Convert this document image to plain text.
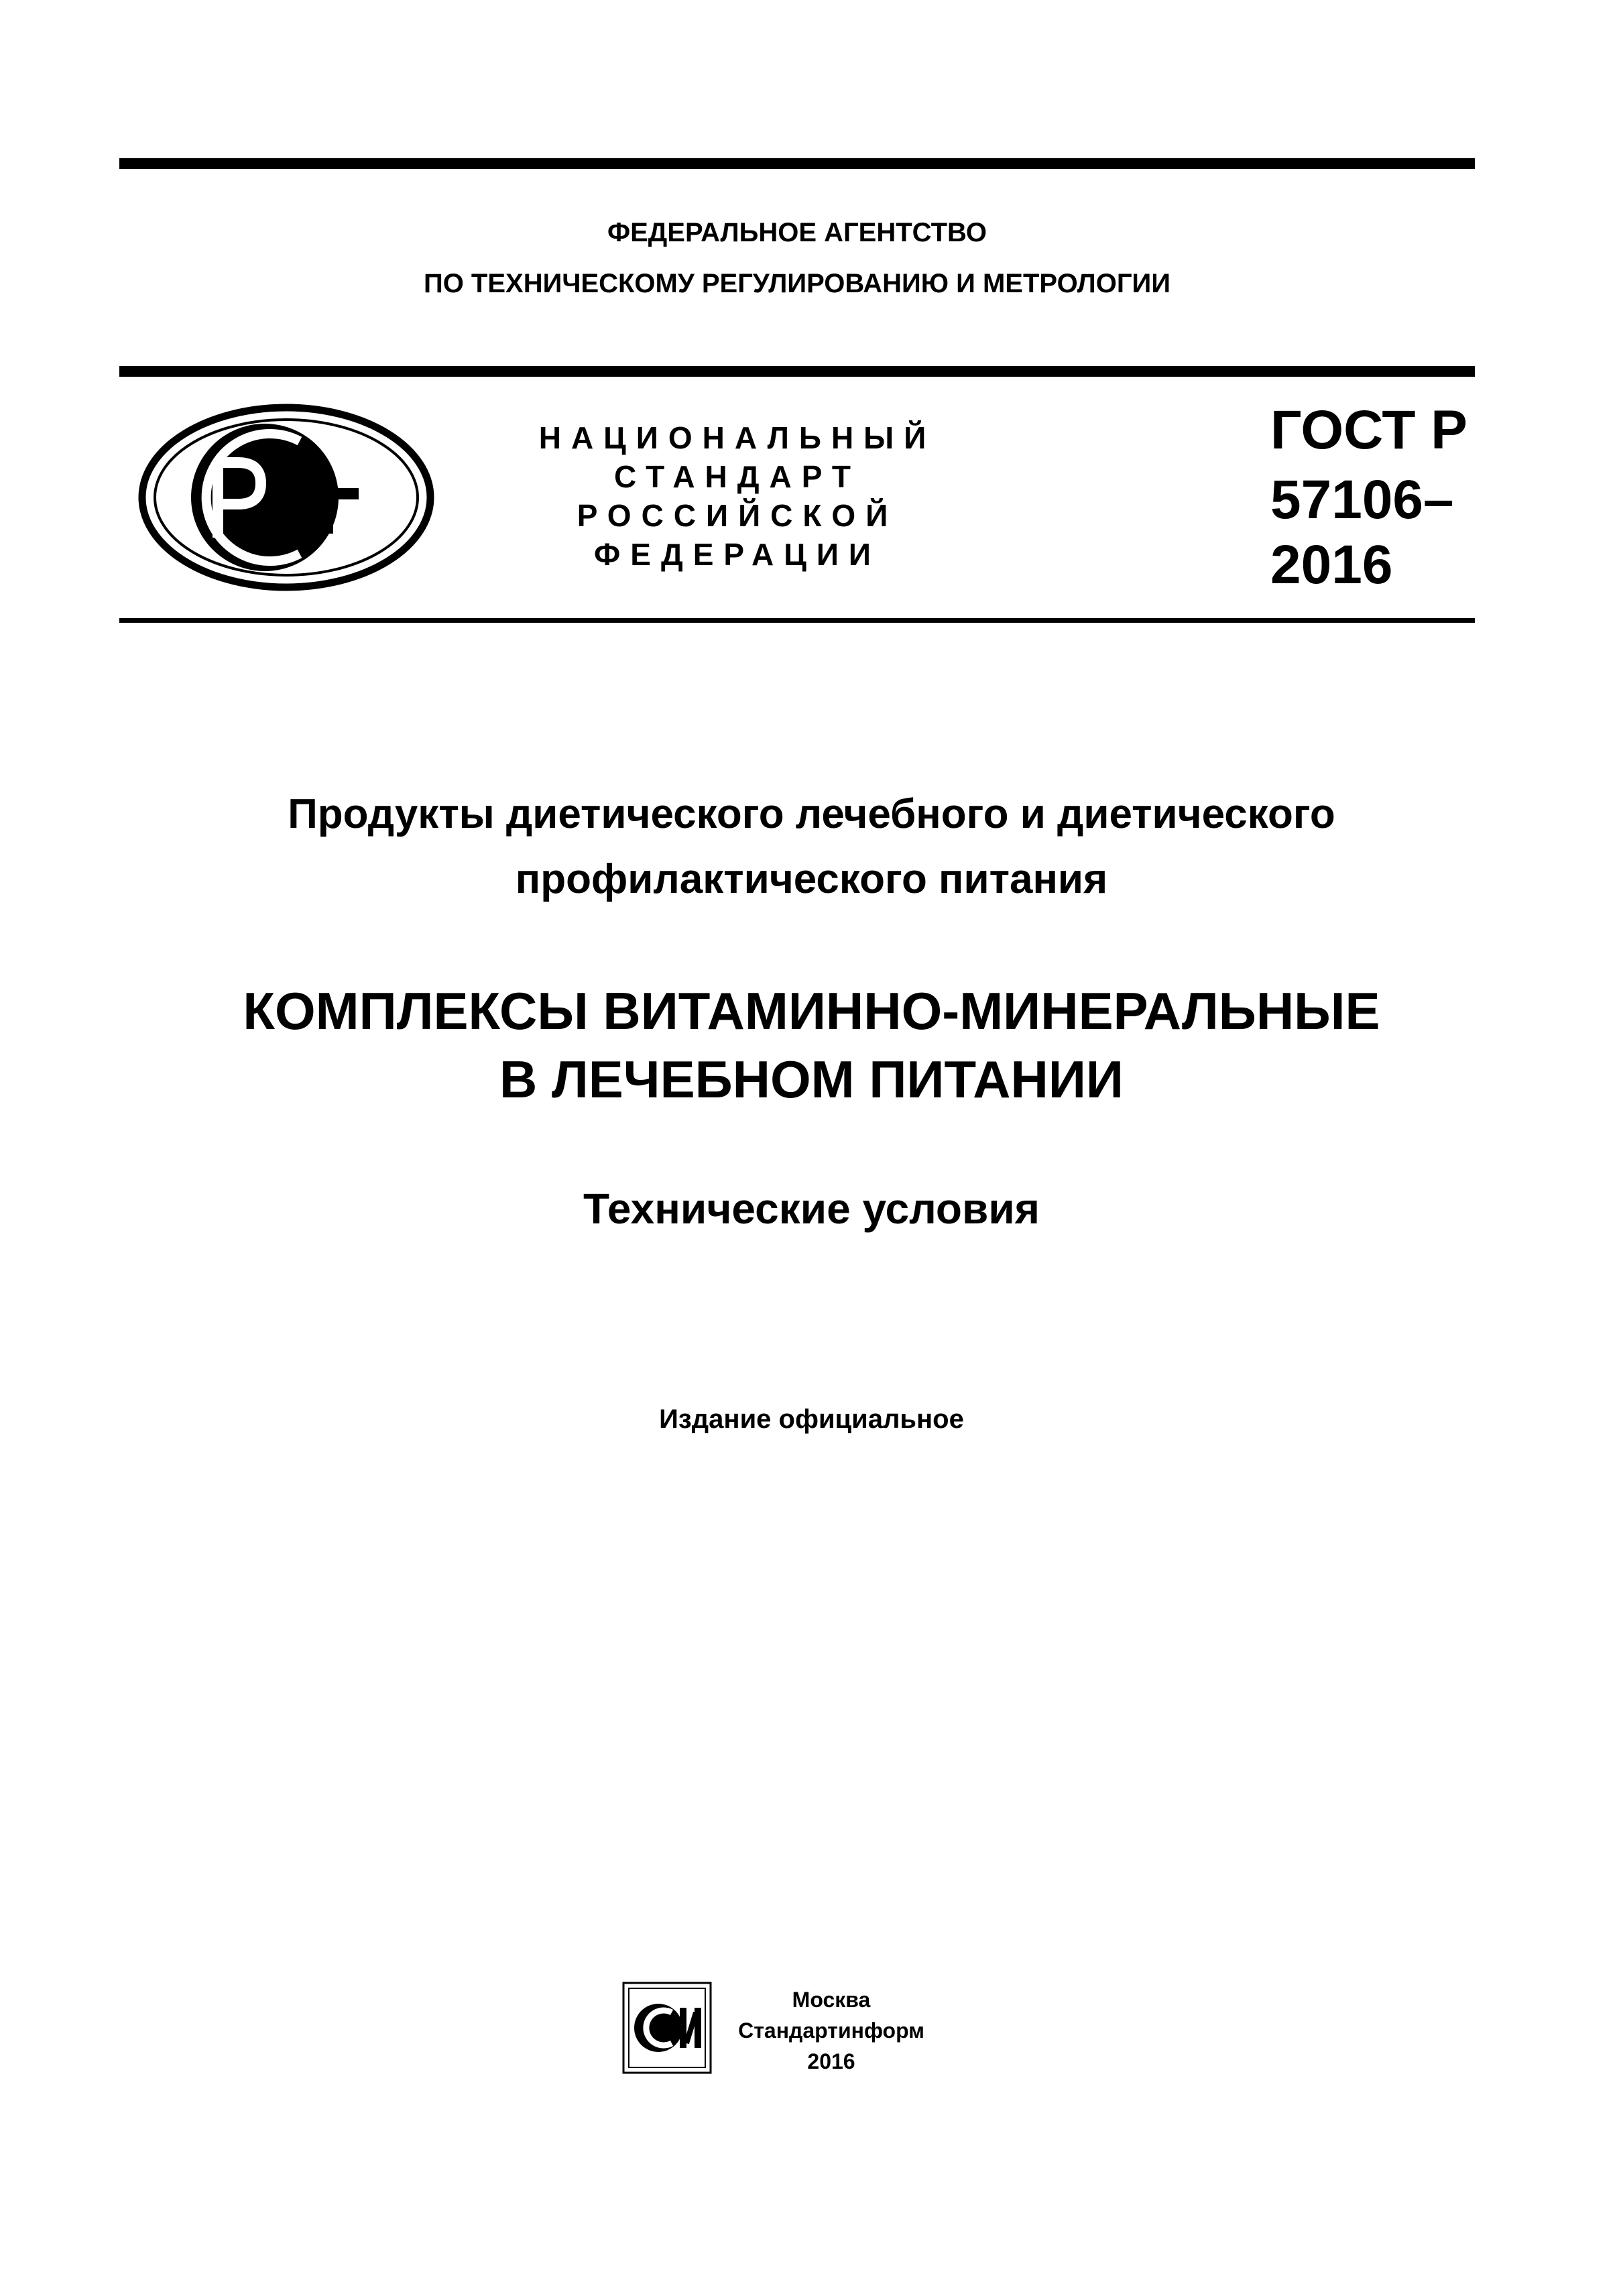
ФЕДЕРАЛЬНОЕ АГЕНТСТВО
ПО ТЕХНИЧЕСКОМУ РЕГУЛИРОВАНИЮ И МЕТРОЛОГИИ
НАЦИОНАЛЬНЫЙ
СТАНДАРТ
РОССИЙСКОЙ
ФЕДЕРАЦИИ
ГОСТ Р
57106–
2016
Продукты диетического лечебного и диетического
профилактического питания
КОМПЛЕКСЫ ВИТАМИННО-МИНЕРАЛЬНЫЕ
В ЛЕЧЕБНОМ ПИТАНИИ
Технические условия
Издание официальное
Москва
Стандартинформ
2016
